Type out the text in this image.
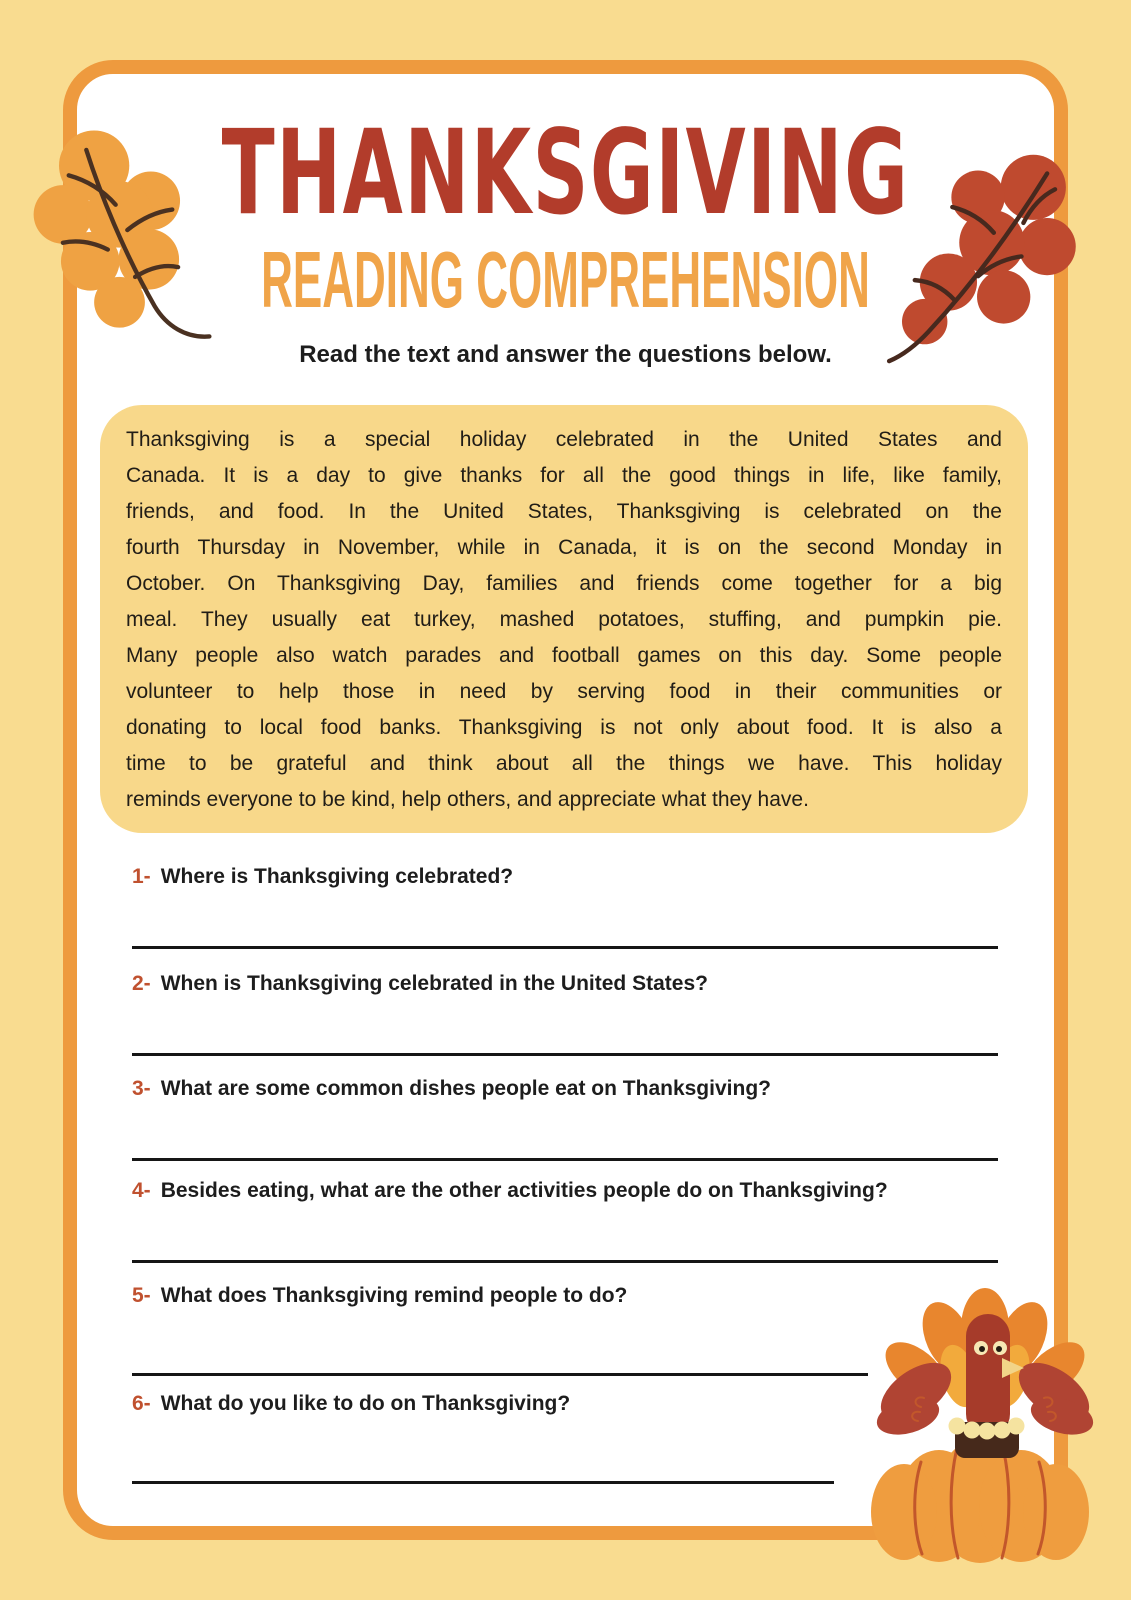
THANKSGIVING
READING COMPREHENSION
Read the text and answer the questions below.
Thanksgiving is a special holiday celebrated in the United States and
Canada. It is a day to give thanks for all the good things in life, like family,
friends, and food. In the United States, Thanksgiving is celebrated on the
fourth Thursday in November, while in Canada, it is on the second Monday in
October. On Thanksgiving Day, families and friends come together for a big
meal. They usually eat turkey, mashed potatoes, stuffing, and pumpkin pie.
Many people also watch parades and football games on this day. Some people
volunteer to help those in need by serving food in their communities or
donating to local food banks. Thanksgiving is not only about food. It is also a
time to be grateful and think about all the things we have. This holiday
reminds everyone to be kind, help others, and appreciate what they have.
1- Where is Thanksgiving celebrated?
2- When is Thanksgiving celebrated in the United States?
3- What are some common dishes people eat on Thanksgiving?
4- Besides eating, what are the other activities people do on Thanksgiving?
5- What does Thanksgiving remind people to do?
6- What do you like to do on Thanksgiving?
